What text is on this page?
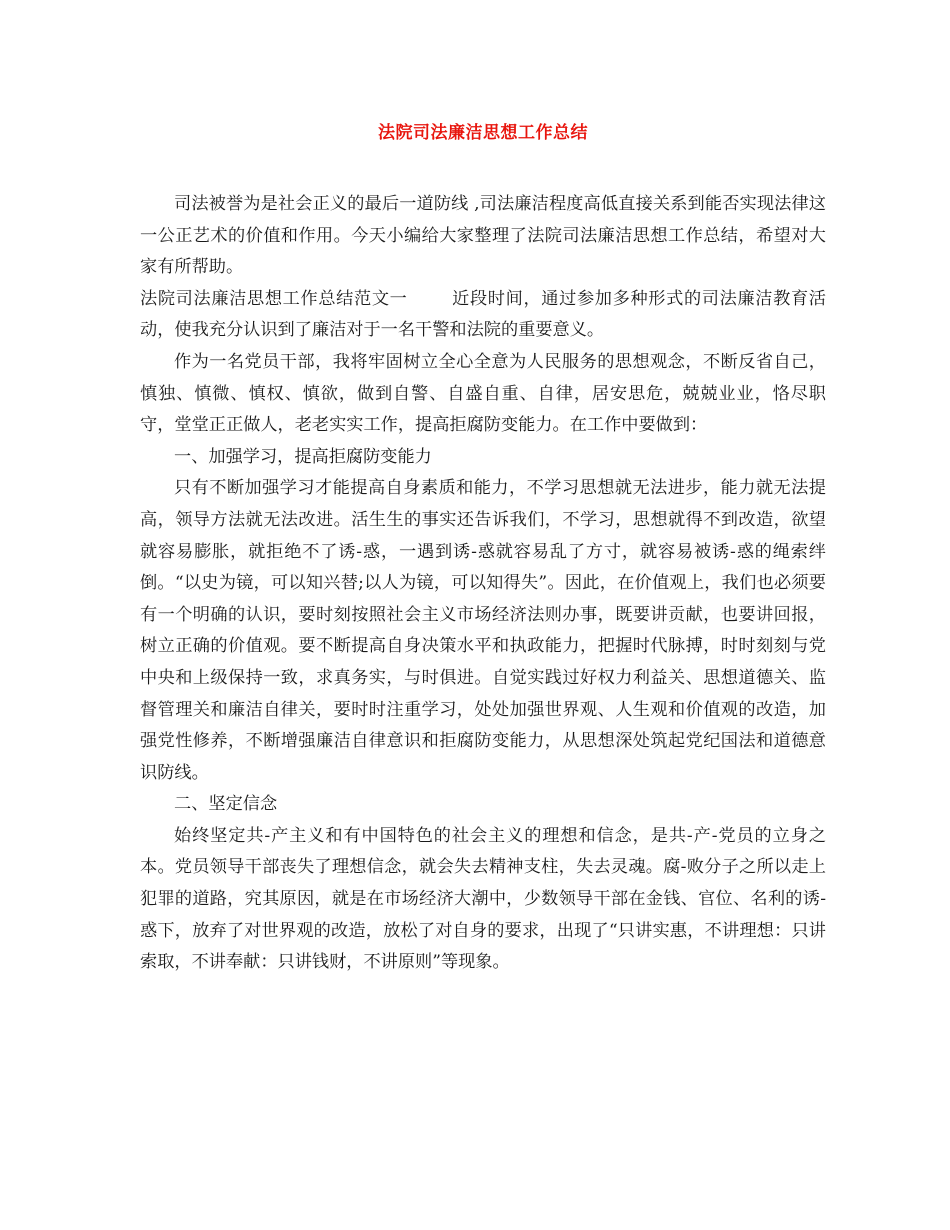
法院司法廉洁思想工作总结

司法被誉为是社会正义的最后一道防线 ,司法廉洁程度高低直接关系到能否实现法律这一公正艺术的价值和作用。今天小编给大家整理了法院司法廉洁思想工作总结，希望对大家有所帮助。

法院司法廉洁思想工作总结范文一	近段时间，通过参加多种形式的司法廉洁教育活动，使我充分认识到了廉洁对于一名干警和法院的重要意义。

作为一名党员干部，我将牢固树立全心全意为人民服务的思想观念，不断反省自己，慎独、慎微、慎权、慎欲，做到自警、自盛自重、自律，居安思危，兢兢业业，恪尽职守，堂堂正正做人，老老实实工作，提高拒腐防变能力。在工作中要做到：

一、加强学习，提高拒腐防变能力

只有不断加强学习才能提高自身素质和能力，不学习思想就无法进步，能力就无法提高，领导方法就无法改进。活生生的事实还告诉我们，不学习，思想就得不到改造，欲望就容易膨胀，就拒绝不了诱-惑，一遇到诱-惑就容易乱了方寸，就容易被诱-惑的绳索绊倒。“以史为镜，可以知兴替;以人为镜，可以知得失”。因此，在价值观上，我们也必须要有一个明确的认识，要时刻按照社会主义市场经济法则办事，既要讲贡献，也要讲回报，树立正确的价值观。要不断提高自身决策水平和执政能力，把握时代脉搏，时时刻刻与党中央和上级保持一致，求真务实，与时俱进。自觉实践过好权力利益关、思想道德关、监督管理关和廉洁自律关，要时时注重学习，处处加强世界观、人生观和价值观的改造，加强党性修养，不断增强廉洁自律意识和拒腐防变能力，从思想深处筑起党纪国法和道德意识防线。

二、坚定信念

始终坚定共-产主义和有中国特色的社会主义的理想和信念，是共-产-党员的立身之本。党员领导干部丧失了理想信念，就会失去精神支柱，失去灵魂。腐-败分子之所以走上犯罪的道路，究其原因，就是在市场经济大潮中，少数领导干部在金钱、官位、名利的诱-惑下，放弃了对世界观的改造，放松了对自身的要求，出现了“只讲实惠，不讲理想：只讲索取，不讲奉献：只讲钱财，不讲原则”等现象。
